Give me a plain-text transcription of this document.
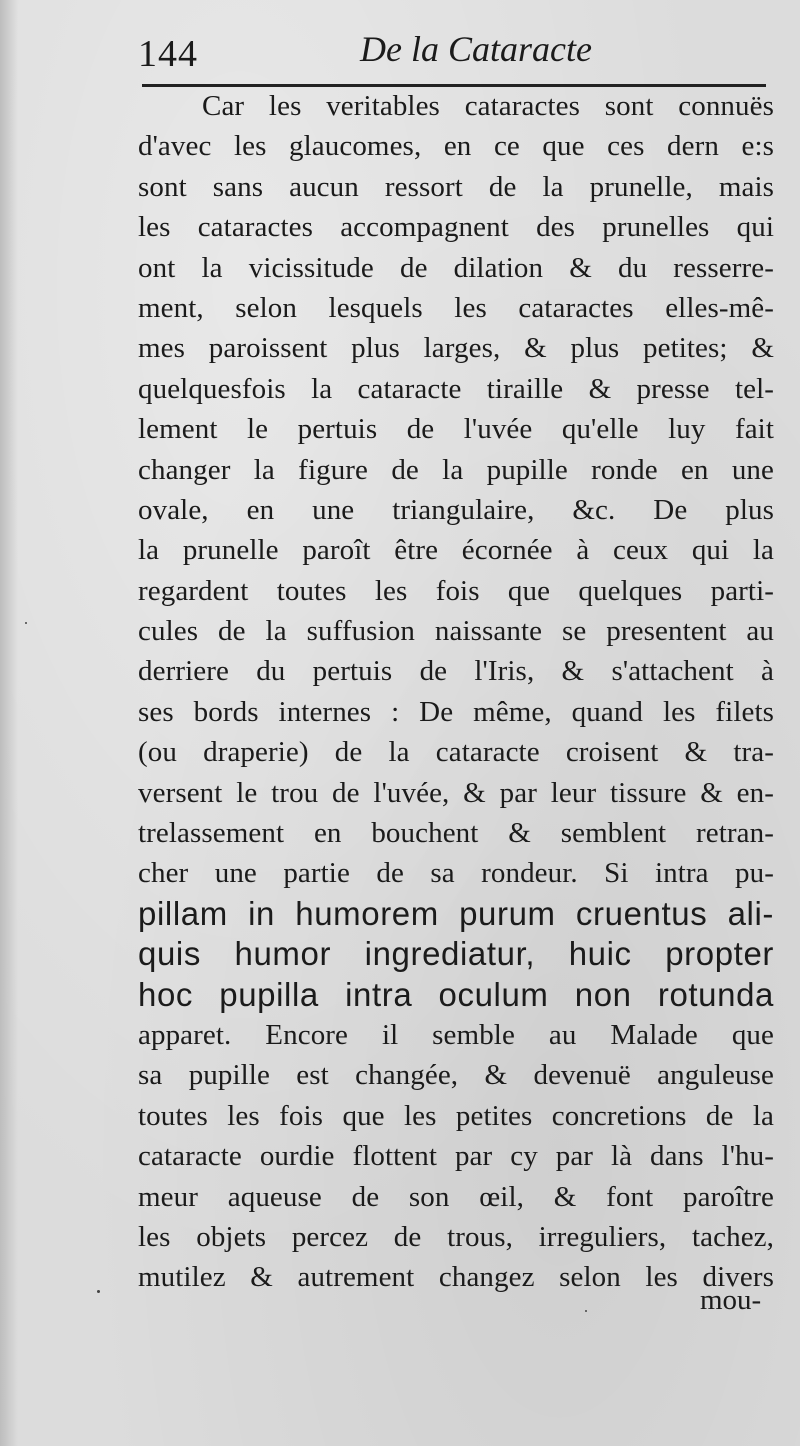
144	De la Cataracte
Car les veritables cataractes sont connuës
d'avec les glaucomes, en ce que ces dern e:s
sont sans aucun ressort de la prunelle, mais
les cataractes accompagnent des prunelles qui
ont la vicissitude de dilation & du resserre-
ment, selon lesquels les cataractes elles-mê-
mes paroissent plus larges, & plus petites; &
quelquesfois la cataracte tiraille & presse tel-
lement le pertuis de l'uvée qu'elle luy fait
changer la figure de la pupille ronde en une
ovale, en une triangulaire, &c. De plus
la prunelle paroît être écornée à ceux qui la
regardent toutes les fois que quelques parti-
cules de la suffusion naissante se presentent au
derriere du pertuis de l'Iris, & s'attachent à
ses bords internes : De même, quand les filets
(ou draperie) de la cataracte croisent & tra-
versent le trou de l'uvée, & par leur tissure & en-
trelassement en bouchent & semblent retran-
cher une partie de sa rondeur. Si intra pu-
pillam in humorem purum cruentus ali-
quis humor ingrediatur, huic propter
hoc pupilla intra oculum non rotunda
apparet. Encore il semble au Malade que
sa pupille est changée, & devenuë anguleuse
toutes les fois que les petites concretions de la
cataracte ourdie flottent par cy par là dans l'hu-
meur aqueuse de son œil, & font paroître
les objets percez de trous, irreguliers, tachez,
mutilez & autrement changez selon les divers
mou-
